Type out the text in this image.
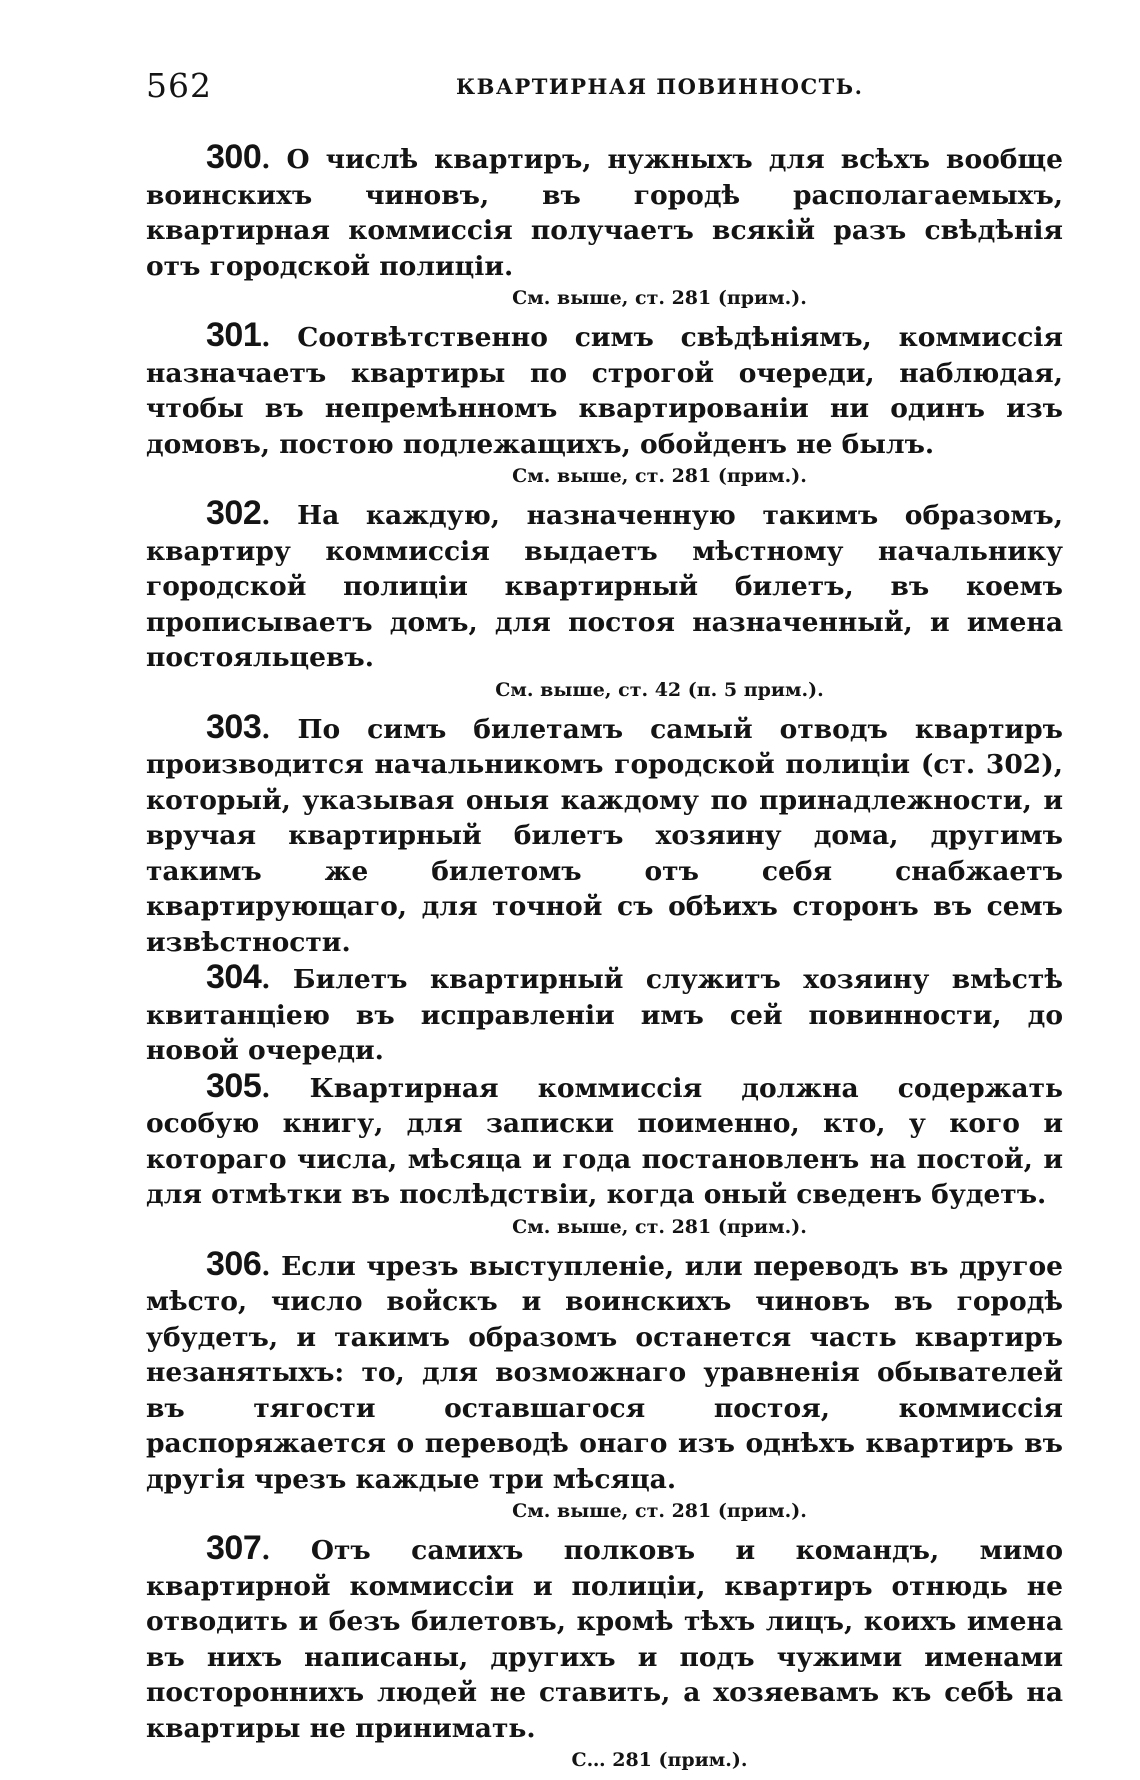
562	КВАРТИРНАЯ ПОВИННОСТЬ.

300. О числѣ квартиръ, нужныхъ для всѣхъ вообще воинскихъ чиновъ, въ городѣ располагаемыхъ, квартирная коммиссія получаетъ всякій разъ свѣдѣнія отъ городской полиціи.

См. выше, ст. 281 (прим.).

301. Соотвѣтственно симъ свѣдѣніямъ, коммиссія назначаетъ квартиры по строгой очереди, наблюдая, чтобы въ непремѣнномъ квартированіи ни одинъ изъ домовъ, постою подлежащихъ, обойденъ не былъ.

См. выше, ст. 281 (прим.).

302. На каждую, назначенную такимъ образомъ, квартиру коммиссія выдаетъ мѣстному начальнику городской полиціи квартирный билетъ, въ коемъ прописываетъ домъ, для постоя назначенный, и имена постояльцевъ.

См. выше, ст. 42 (п. 5 прим.).

303. По симъ билетамъ самый отводъ квартиръ производится начальникомъ городской полиціи (ст. 302), который, указывая оныя каждому по принадлежности, и вручая квартирный билетъ хозяину дома, другимъ такимъ же билетомъ отъ себя снабжаетъ квартирующаго, для точной съ обѣихъ сторонъ въ семъ извѣстности.

304. Билетъ квартирный служитъ хозяину вмѣстѣ квитанціею въ исправленіи имъ сей повинности, до новой очереди.

305. Квартирная коммиссія должна содержать особую книгу, для записки поименно, кто, у кого и котораго числа, мѣсяца и года постановленъ на постой, и для отмѣтки въ послѣдствіи, когда оный сведенъ будетъ.

См. выше, ст. 281 (прим.).

306. Если чрезъ выступленіе, или переводъ въ другое мѣсто, число войскъ и воинскихъ чиновъ въ городѣ убудетъ, и такимъ образомъ останется часть квартиръ незанятыхъ: то, для возможнаго уравненія обывателей въ тягости оставшагося постоя, коммиссія распоряжается о переводѣ онаго изъ однѣхъ квартиръ въ другія чрезъ каждые три мѣсяца.

См. выше, ст. 281 (прим.).

307. Отъ самихъ полковъ и командъ, мимо квартирной коммиссіи и полиціи, квартиръ отнюдь не отводить и безъ билетовъ, кромѣ тѣхъ лицъ, коихъ имена въ нихъ написаны, другихъ и подъ чужими именами постороннихъ людей не ставить, а хозяевамъ къ себѣ на квартиры не принимать.

С… 281 (прим.).
